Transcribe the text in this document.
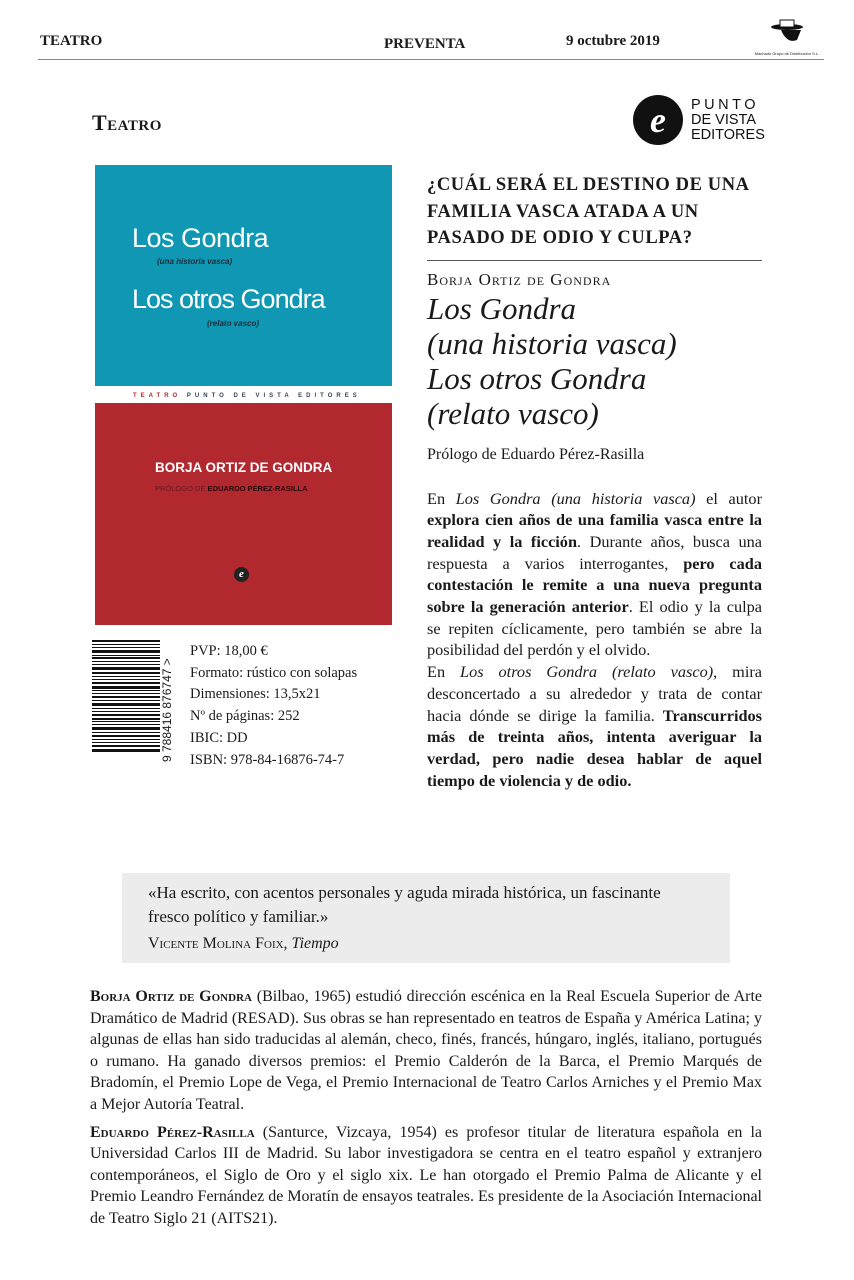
TEATRO	PREVENTA	9 octubre 2019
Machado Grupo de Distribución S.L.
Teatro	e	PUNTO
DE VISTA
EDITORES
Los Gondra
(una historia vasca)
Los otros Gondra
(relato vasco)
TEATRO PUNTO DE VISTA EDITORES
BORJA ORTIZ DE GONDRA
PRÓLOGO DE EDUARDO PÉREZ-RASILLA
e
9 788416 876747 >
PVP: 18,00 €
Formato: rústico con solapas
Dimensiones: 13,5x21
Nº de páginas: 252
IBIC: DD
ISBN: 978-84-16876-74-7
¿CUÁL SERÁ EL DESTINO DE UNA FAMILIA VASCA ATADA A UN PASADO DE ODIO Y CULPA?
Borja Ortiz de Gondra
Los Gondra
(una historia vasca)
Los otros Gondra
(relato vasco)
Prólogo de Eduardo Pérez-Rasilla

En Los Gondra (una historia vasca) el autor explora cien años de una familia vasca entre la realidad y la ficción. Durante años, busca una respuesta a varios interrogantes, pero cada contestación le remite a una nueva pregunta sobre la generación anterior. El odio y la culpa se repiten cíclicamente, pero también se abre la posibilidad del perdón y el olvido.

En Los otros Gondra (relato vasco), mira desconcertado a su alrededor y trata de contar hacia dónde se dirige la familia. Transcurridos más de treinta años, intenta averiguar la verdad, pero nadie desea hablar de aquel tiempo de violencia y de odio.

«Ha escrito, con acentos personales y aguda mirada histórica, un fascinante fresco político y familiar.»
Vicente Molina Foix, Tiempo

Borja Ortiz de Gondra (Bilbao, 1965) estudió dirección escénica en la Real Escuela Superior de Arte Dramático de Madrid (RESAD). Sus obras se han representado en teatros de España y América Latina; y algunas de ellas han sido traducidas al alemán, checo, finés, francés, húngaro, inglés, italiano, portugués o rumano. Ha ganado diversos premios: el Premio Calderón de la Barca, el Premio Marqués de Bradomín, el Premio Lope de Vega, el Premio Internacional de Teatro Carlos Arniches y el Premio Max a Mejor Autoría Teatral.

Eduardo Pérez-Rasilla (Santurce, Vizcaya, 1954) es profesor titular de literatura española en la Universidad Carlos III de Madrid. Su labor investigadora se centra en el teatro español y extranjero contemporáneos, el Siglo de Oro y el siglo xix. Le han otorgado el Premio Palma de Alicante y el Premio Leandro Fernández de Moratín de ensayos teatrales. Es presidente de la Asociación Internacional de Teatro Siglo 21 (AITS21).
